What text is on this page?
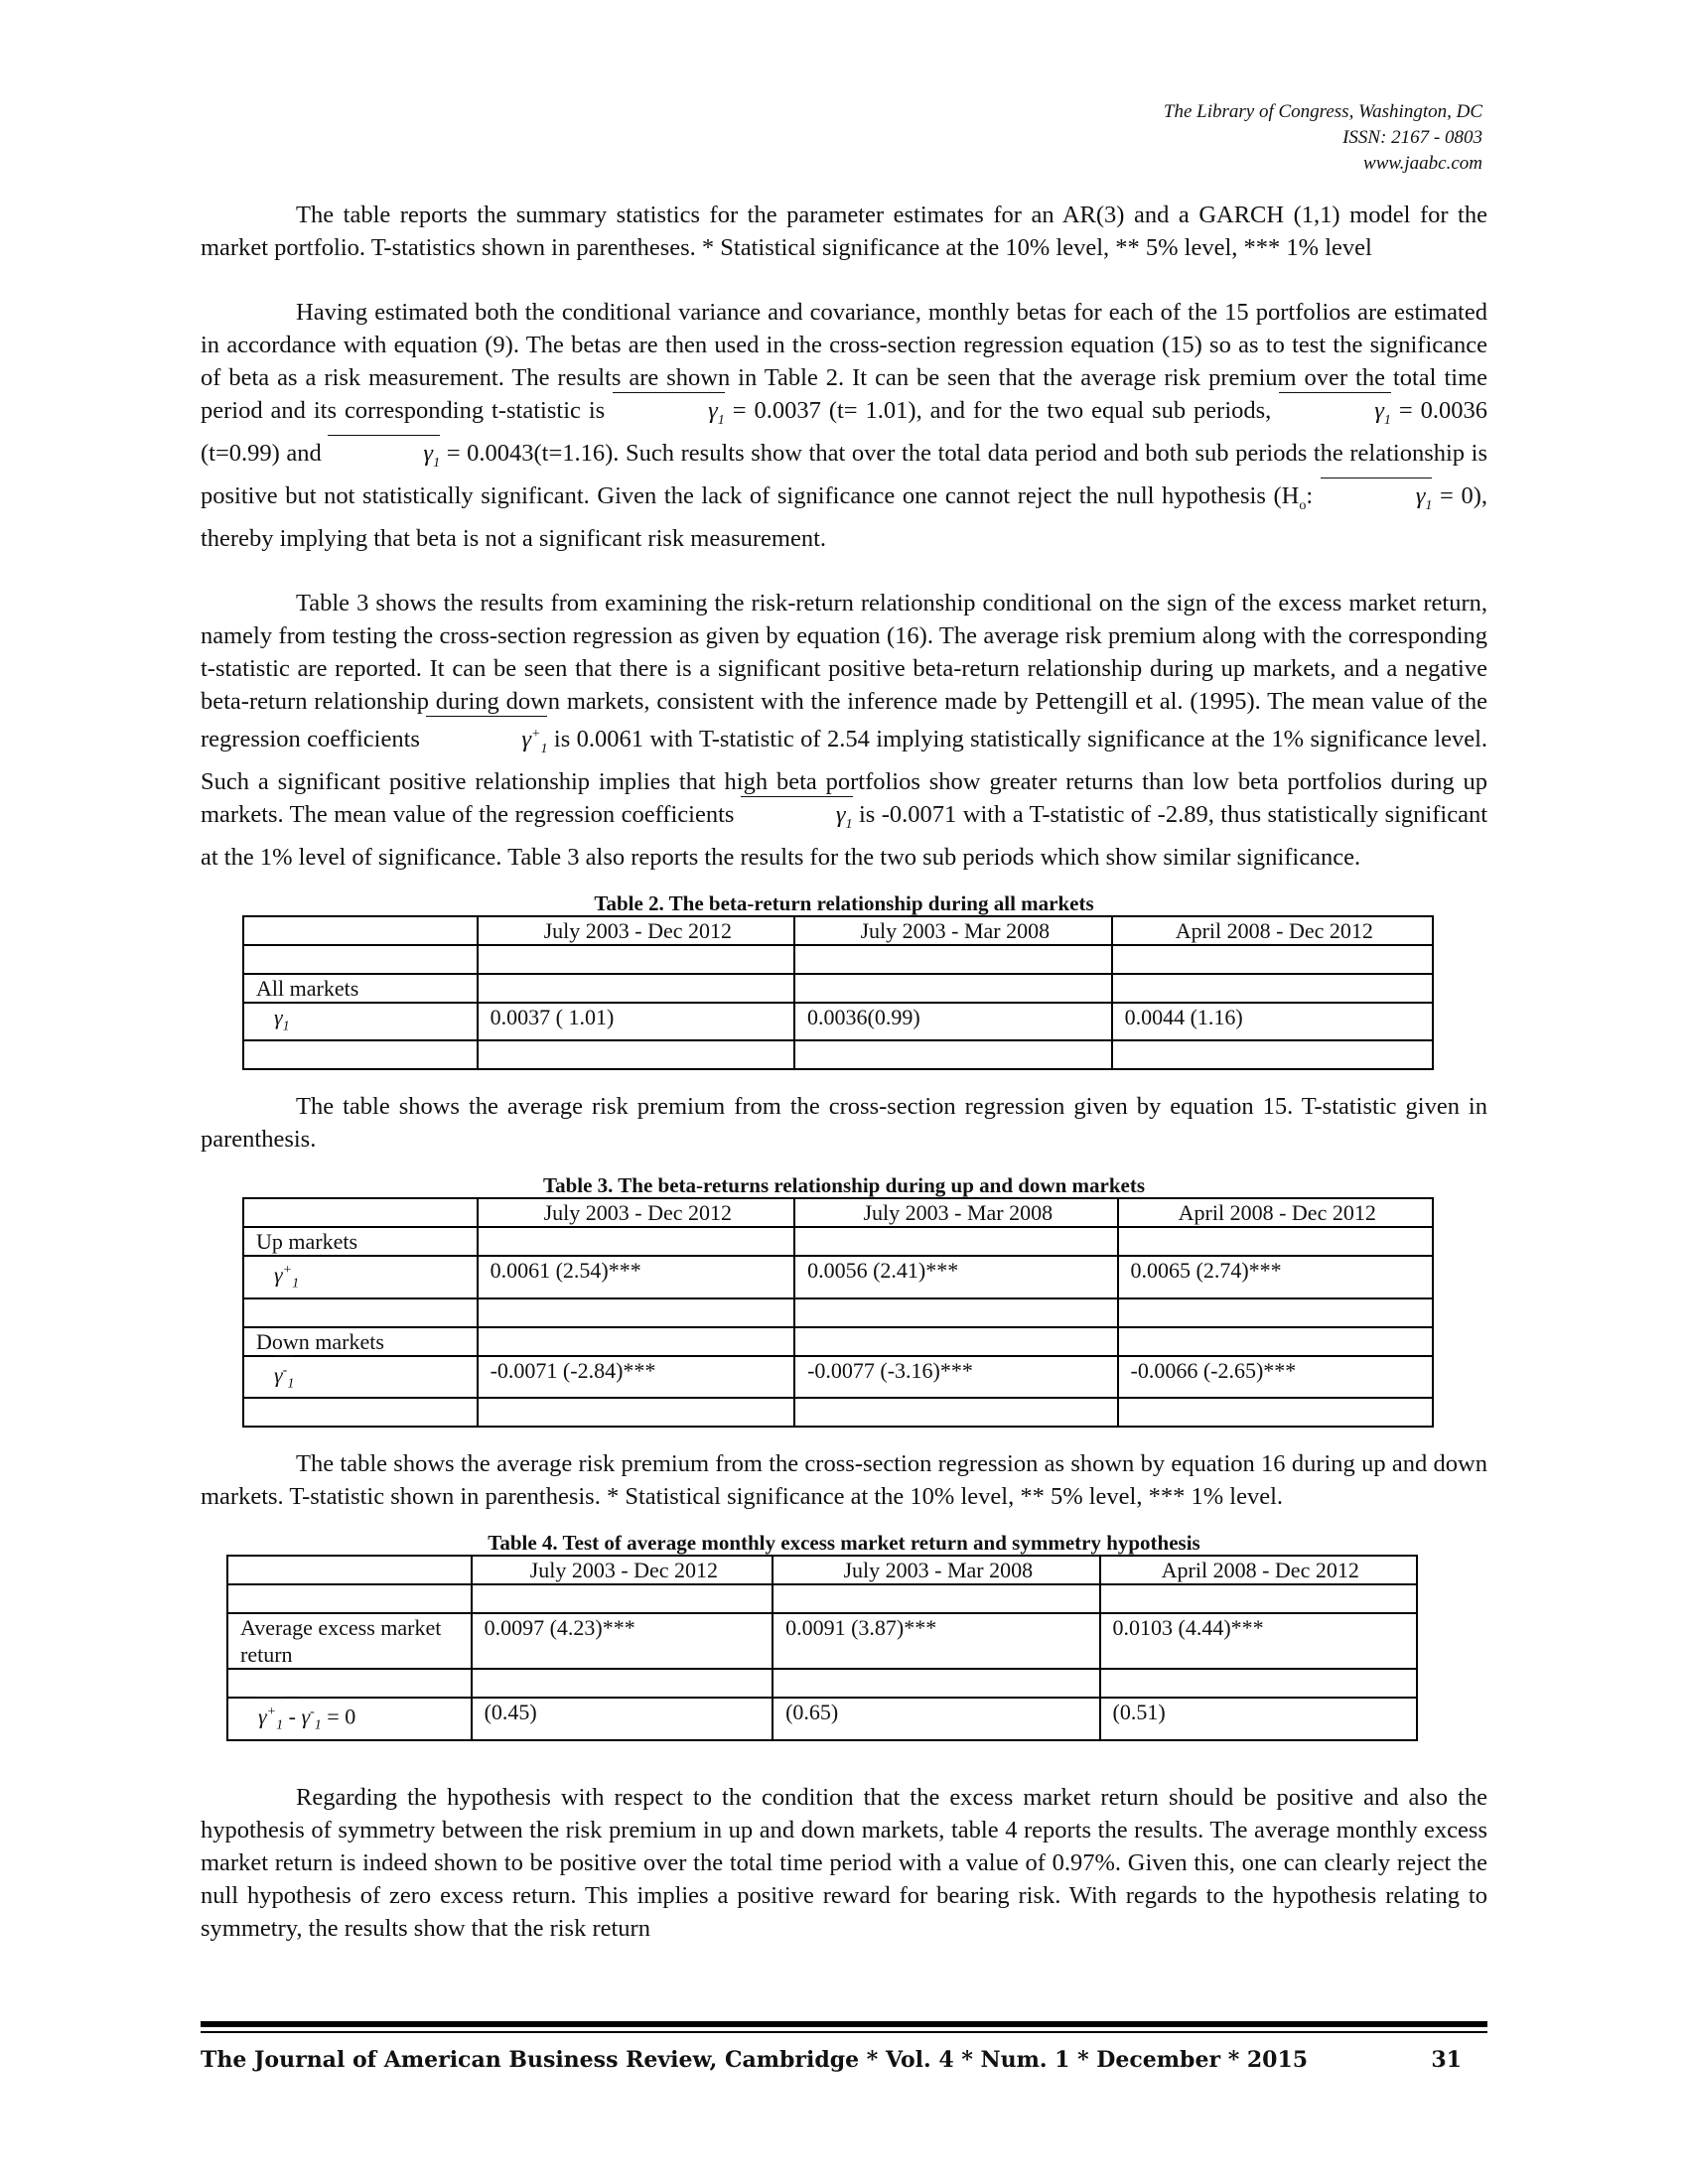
The Library of Congress, Washington, DC
ISSN: 2167 - 0803
www.jaabc.com

The table reports the summary statistics for the parameter estimates for an AR(3) and a GARCH (1,1) model for the market portfolio. T-statistics shown in parentheses. * Statistical significance at the 10% level, ** 5% level, *** 1% level

Having estimated both the conditional variance and covariance, monthly betas for each of the 15 portfolios are estimated in accordance with equation (9). The betas are then used in the cross-section regression equation (15) so as to test the significance of beta as a risk measurement. The results are shown in Table 2. It can be seen that the average risk premium over the total time period and its corresponding t-statistic is	$\gamma_1 = 0.0037$ (t= 1.01), and for the two equal sub periods,	$\gamma_1 = 0.0036$ (t=0.99) and	$\gamma_1 = 0.0043(t=1.16)$. Such results show that over the total data period and both sub periods the relationship is positive but not statistically significant. Given the lack of significance one cannot reject the null hypothesis ($H_o$:	$\gamma_1 = 0$), thereby implying that beta is not a significant risk measurement.

Table 3 shows the results from examining the risk-return relationship conditional on the sign of the excess market return, namely from testing the cross-section regression as given by equation (16). The average risk premium along with the corresponding t-statistic are reported. It can be seen that there is a significant positive beta-return relationship during up markets, and a negative beta-return relationship during down markets, consistent with the inference made by Pettengill et al. (1995). The mean value of the regression coefficients	$\gamma^+_1$ is 0.0061 with T-statistic of 2.54 implying statistically significance at the 1% significance level. Such a significant positive relationship implies that high beta portfolios show greater returns than low beta portfolios during up markets. The mean value of the regression coefficients	$\gamma_1$ is -0.0071 with a T-statistic of -2.89, thus statistically significant at the 1% level of significance. Table 3 also reports the results for the two sub periods which show similar significance.

Table 2. The beta-return relationship during all markets
	July 2003 - Dec 2012	July 2003 - Mar 2008	April 2008 - Dec 2012

All markets			

$\gamma_1$	0.0037 ( 1.01)	0.0036(0.99)	0.0044 (1.16)

The table shows the average risk premium from the cross-section regression given by equation 15. T-statistic given in parenthesis.

Table 3. The beta-returns relationship during up and down markets
	July 2003 - Dec 2012	July 2003 - Mar 2008	April 2008 - Dec 2012
Up markets			

$\gamma^+_1$	0.0061 (2.54)***	0.0056 (2.41)***	0.0065 (2.74)***

Down markets			

$\gamma^-_1$	-0.0071 (-2.84)***	-0.0077 (-3.16)***	-0.0066 (-2.65)***

The table shows the average risk premium from the cross-section regression as shown by equation 16 during up and down markets. T-statistic shown in parenthesis. * Statistical significance at the 10% level, ** 5% level, *** 1% level.

Table 4. Test of average monthly excess market return and symmetry hypothesis
	July 2003 - Dec 2012	July 2003 - Mar 2008	April 2008 - Dec 2012

Average excess market return	0.0097 (4.23)***	0.0091 (3.87)***	0.0103 (4.44)***

$\gamma^+_1 - \gamma^-_1 = 0$	(0.45)	(0.65)	(0.51)

Regarding the hypothesis with respect to the condition that the excess market return should be positive and also the hypothesis of symmetry between the risk premium in up and down markets, table 4 reports the results. The average monthly excess market return is indeed shown to be positive over the total time period with a value of 0.97%. Given this, one can clearly reject the null hypothesis of zero excess return. This implies a positive reward for bearing risk. With regards to the hypothesis relating to symmetry, the results show that the risk return

The Journal of American Business Review, Cambridge * Vol. 4 * Num. 1 * December * 2015	31
